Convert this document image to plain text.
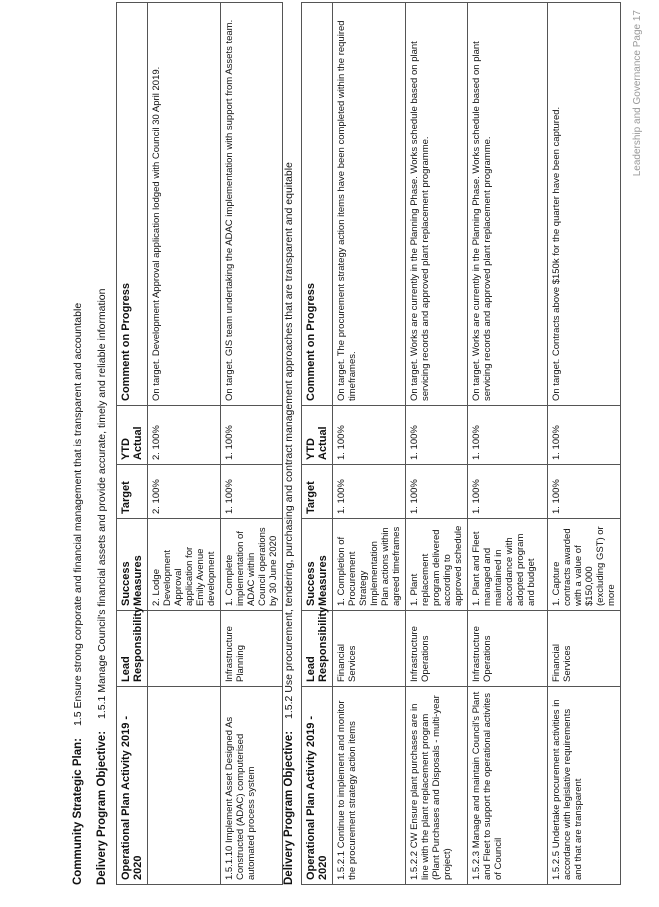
Community Strategic Plan:1.5 Ensure strong corporate and financial management that is transparent and accountable
Delivery Program Objective:1.5.1 Manage Council's financial assets and provide accurate, timely and reliable information
Operational Plan Activity 2019 - 2020	Lead Responsibility	Success Measures	Target	YTD Actual	Comment on Progress
		2. Lodge Development Approval application for Emily Avenue development	2. 100%	2. 100%	On target. Development Approval application lodged with Council 30 April 2019.
1.5.1.10 Implement Asset Designed As Constructed (ADAC) computerised automated process system	Infrastructure Planning	1. Complete implementation of ADAC within Council operations by 30 June 2020	1. 100%	1. 100%	On target. GIS team undertaking the ADAC implementation with support from Assets team.
Delivery Program Objective:1.5.2 Use procurement, tendering, purchasing and contract management approaches that are transparent and equitable
Operational Plan Activity 2019 - 2020	Lead Responsibility	Success Measures	Target	YTD Actual	Comment on Progress
1.5.2.1 Continue to implement and monitor the procurement strategy action items	Financial Services	1. Completion of Procurement Strategy Implementation Plan actions within agreed timeframes	1. 100%	1. 100%	On target. The procurement strategy action items have been completed within the required timeframes.
1.5.2.2 CW Ensure plant purchases are in line with the plant replacement program (Plant Purchases and Disposals - multi-year project)	Infrastructure Operations	1. Plant replacement program delivered according to approved schedule	1. 100%	1. 100%	On target. Works are currently in the Planning Phase. Works schedule based on plant servicing records and approved plant replacement programme.
1.5.2.3 Manage and maintain Council's Plant and Fleet to support the operational activites of Council	Infrastructure Operations	1. Plant and Fleet managed and maintained in accordance with adopted program and budget	1. 100%	1. 100%	On target. Works are currently in the Planning Phase. Works schedule based on plant servicing records and approved plant replacement programme.
1.5.2.5 Undertake procurement activities in accordance with legislative requirements and that are transparent	Financial Services	1. Capture contracts awarded with a value of $150,000 (excluding GST) or more	1. 100%	1. 100%	On target. Contracts above $150k for the quarter have been captured.
Leadership and Governance Page 17
